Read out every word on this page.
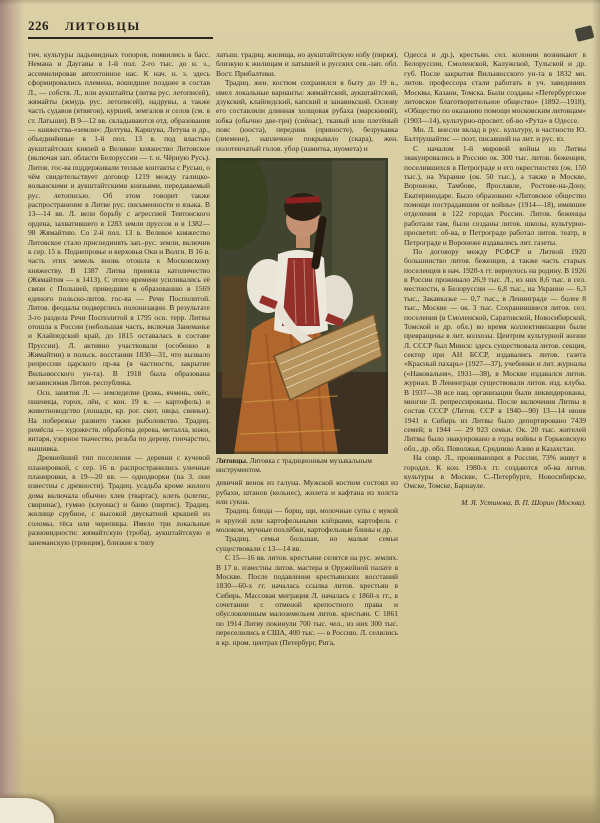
226 ЛИТОВЦЫ

тич. культуры ладьевидных топоров, появились в басс. Немана и Даугавы в 1-й пол. 2-го тыс. до н. э., ассимилировав автохтонное нас. К нач. н. э. здесь сформировались племена, вошедшие позднее в состав Л., — собств. Л., или аукштайты (литва рус. летописей), жямайты (жмудь рус. летописей), надрувы, а также часть судавов (ятвягов), куршей, земгалов и селов (см. в ст. Латыши). В 9—12 вв. складываются отд. образования — княжества-«земли»: Делтува, Каршува, Летува и др., объединённые в 1-й пол. 13 в. под властью аукштайтских князей в Великое княжество Литовское (включая зап. области Белоруссии — т. н. Чёрную Русь). Литов. гос-ва поддерживали тесные контакты с Русью, о чём свидетельствует договор 1219 между галицко-волынскими и аукштайтскими князьями, передаваемый рус. летописью. Об этом говорит также распространение в Литве рус. письменности и языка. В 13—14 вв. Л. вели борьбу с агрессией Тевтонского ордена, захватившего в 1283 земли пруссов и в 1382—98 Жямайтию. Со 2-й пол. 13 в. Великое княжество Литовское стало присоединять зап.-рус. земли, включив к сер. 15 в. Поднепровье и верховья Оки и Волги. В 16 в. часть этих земель вновь отошла к Московскому княжеству. В 1387 Литва приняла католичество (Жямайтия — в 1413). С этого времени усиливались её связи с Польшей, приведшие к образованию в 1569 единого польско-литов. гос-ва — Речи Посполитой. Литов. феодалы подверглись полонизации. В результате 3-го раздела Речи Посполитой в 1795 осн. терр. Литвы отошла к России (небольшая часть, включая Занеманье и Клайпедский край, до 1815 оставалась в составе Пруссии). Л. активно участвовали (особенно в Жямайтии) в польск. восстании 1830—31, что вызвало репрессии царского пр-ва (в частности, закрытие Вильнюсского ун-та). В 1918 была образована независимая Литов. республика.

Осн. занятия Л. — земледелие (рожь, ячмень, овёс, пшеница, горох, лён, с кон. 19 в. — картофель) и животноводство (лошади, кр. рог. скот, овцы, свиньи). На побережье развито также рыболовство. Традиц. ремёсла — художеств. обработка дерева, металла, кожи, янтаря, узорное ткачество, резьба по дереву, гончарство, вышивка.

Древнейший тип поселения — деревни с кучевой планировкой, с сер. 16 в. распространились уличные планировки, в 19—20 вв. — однодворки (на З. они известны с древности). Традиц. усадьба кроме жилого дома включала обычно хлев (твартас), клеть (клетис, свиринас), гумно (клуонас) и баню (пиртис). Традиц. жилище срубное, с высокой двускатной крышей из соломы, тёса или черепицы. Имело три локальные разновидности: жямайтскую (троба), аукштайтскую и занеманскую (гринция), близкие к типу

латыш. традиц. жилища, но аукштайтскую избу (пиркя), близкую к жилищам и латышей и русских сев.-зап. обл. Вост. Прибалтики.

Традиц. жен. костюм сохранялся в быту до 19 в., имел локальные варианты: жямайтский, аукштайтский, дзукский, клайпедский, капский и занавикский. Основу его составляли длинная холщовая рубаха (марскиняй), юбка (обычно две-три) (сиёнас), тканый или плетёный пояс (юоста), передник (приюосте), безрукавка (лиемене), наплечное покрывало (скара), жен. полотенчатый голов. убор (намитка, нуомета) и

Литовцы. Литовка с традиционным музыкальным инструментом.

девичий венок из галуна. Мужской костюм состоял из рубахи, штанов (кельнес), жилета и кафтана из холста или сукна.

Традиц. блюда — борщ, щи, молочные супы с мукой и крупой или картофельными клёцками, картофель с молоком, мучные похлёбки, картофельные блины и др.

Традиц. семья большая, но малые семьи существовали с 13—14 вв.

С 15—16 вв. литов. крестьяне селятся на рус. землях. В 17 в. известны литов. мастера в Оружейной палате в Москве. После подавления крестьянских восстаний 1830—60-х гг. началась ссылка литов. крестьян в Сибирь. Массовая миграция Л. началась с 1860-х гг., в сочетании с отменой крепостного права и обусловленным малоземельем литов. крестьян. С 1861 по 1914 Литву покинули 700 тыс. чел., из них 300 тыс. переселились в США, 400 тыс. — в Россию. Л. селились в кр. пром. центрах (Петербург, Рига,

Одесса и др.), крестьян. сел. колонии возникают в Белоруссии, Смоленской, Калужской, Тульской и др. губ. После закрытия Вильнюсского ун-та в 1832 мн. литов. профессора стали работать в уч. заведениях Москвы, Казани, Томска. Были созданы «Петербургское литовское благотворительное общество» (1892—1918), «Общество по оказанию помощи московским литовцам» (1903—14), культурно-просвет. об-во «Рута» в Одессе.

Мн. Л. внесли вклад в рус. культуру, в частности Ю. Балтрушайтис — поэт, писавший на лит. и рус. яз.

С началом 1-й мировой войны из Литвы эвакуировались в Россию ок. 300 тыс. литов. беженцев, поселившихся в Петрограде и его окрестностях (ок. 150 тыс.), на Украине (ок. 50 тыс.), а также в Москве, Воронеже, Тамбове, Ярославле, Ростове-на-Дону, Екатеринодаре. Было образовано «Литовское общество помощи пострадавшим от войны» (1914—18), имевшее отделения в 122 городах России. Литов. беженцы работали там, были созданы литов. школы, культурно-просветит. об-ва, в Петрограде работал литов. театр, в Петрограде и Воронеже издавались лит. газеты.

По договору между РСФСР и Литвой 1920 большинство литов. беженцев, а также часть старых поселенцев в нач. 1920-х гг. вернулось на родину. В 1926 в России проживало 26,9 тыс. Л., из них 8,6 тыс. в сел. местности, в Белоруссии — 6,8 тыс., на Украине — 6,3 тыс., Закавказье — 0,7 тыс., в Ленинграде — более 8 тыс., Москве — ок. 3 тыс. Сохранившиеся литов. сел. поселения (в Смоленской, Саратовской, Новосибирской, Томской и др. обл.) во время коллективизации были превращены в лит. колхозы. Центром культурной жизни Л. СССР был Минск: здесь существовала литов. секция, сектор при АН БССР, издавались литов. газета «Красный пахарь» (1927—37), учебники и лит. журналы («Наковальня», 1931—38), в Москве издавался литов. журнал. В Ленинграде существовали литов. изд. клубы. В 1937—38 все нац. организации были ликвидированы, многие Л. репрессированы. После включения Литвы в состав СССР (Литов. ССР в 1940—90) 13—14 июня 1941 в Сибирь из Литвы было депортировано 7439 семей; в 1944 — 29 923 семьи. Ок. 20 тыс. жителей Литвы было эвакуировано в годы войны в Горьковскую обл., др. обл. Поволжья, Среднюю Азию и Казахстан.

На совр. Л., проживающих в России, 73% живут в городах. К кон. 1980-х гг. создаются об-ва литов. культуры в Москве, С.-Петербурге, Новосибирске, Омске, Томске, Барнауле.

М. Я. Устинова, В. П. Шорин (Москва).
